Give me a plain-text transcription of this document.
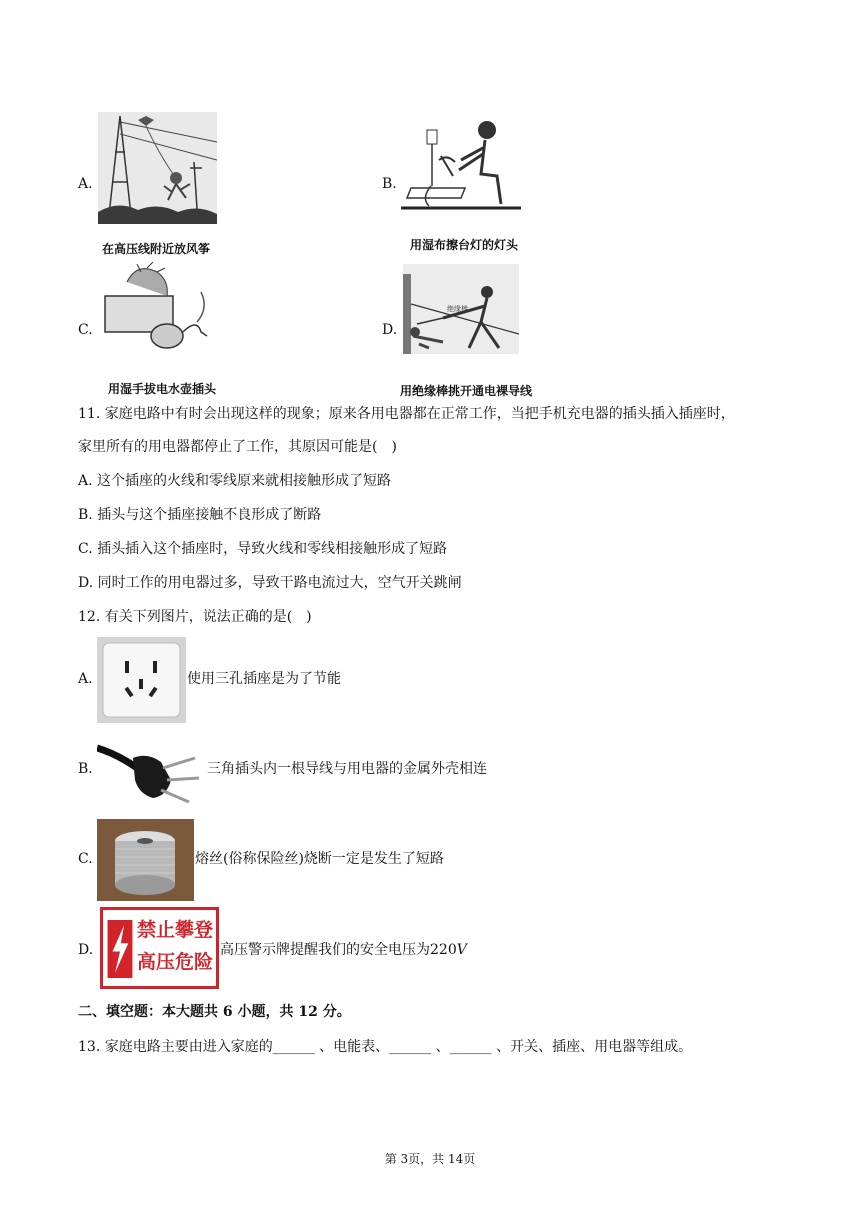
A.
在高压线附近放风筝
B.
用湿布擦台灯的灯头
C.
用湿手拔电水壶插头
D.
绝缘棒
用绝缘棒挑开通电裸导线
11. 家庭电路中有时会出现这样的现象；原来各用电器都在正常工作，当把手机充电器的插头插入插座时，
家里所有的用电器都停止了工作，其原因可能是(  )
A. 这个插座的火线和零线原来就相接触形成了短路
B. 插头与这个插座接触不良形成了断路
C. 插头插入这个插座时，导致火线和零线相接触形成了短路
D. 同时工作的用电器过多，导致干路电流过大，空气开关跳闸
12. 有关下列图片，说法正确的是(  )
A.	使用三孔插座是为了节能
B.	三角插头内一根导线与用电器的金属外壳相连
C.	熔丝(俗称保险丝)烧断一定是发生了短路
D.
禁止攀登
高压危险
高压警示牌提醒我们的安全电压为220V
二、填空题：本大题共 6 小题，共 12 分。
13. 家庭电路主要由进入家庭的______ 、电能表、______ 、______ 、开关、插座、用电器等组成。
第 3页，共 14页
